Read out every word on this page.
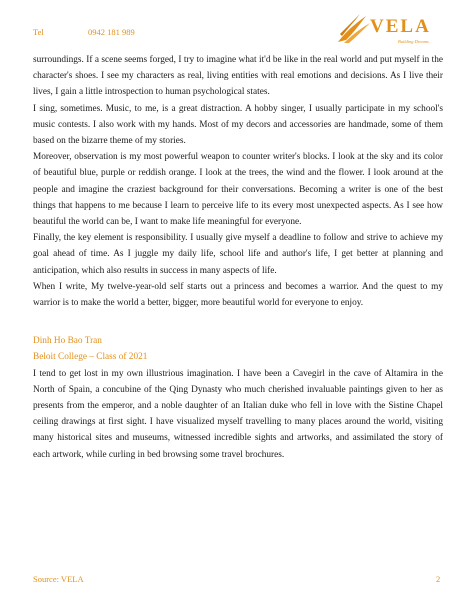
Tel	0942 181 989	VELA
Building Dreams

surroundings. If a scene seems forged, I try to imagine what it'd be like in the real world and put myself in the character's shoes. I see my characters as real, living entities with real emotions and decisions. As I live their lives, I gain a little introspection to human psychological states.

I sing, sometimes. Music, to me, is a great distraction. A hobby singer, I usually participate in my school's music contests. I also work with my hands. Most of my decors and accessories are handmade, some of them based on the bizarre theme of my stories.

Moreover, observation is my most powerful weapon to counter writer's blocks. I look at the sky and its color of beautiful blue, purple or reddish orange. I look at the trees, the wind and the flower. I look around at the people and imagine the craziest background for their conversations. Becoming a writer is one of the best things that happens to me because I learn to perceive life to its every most unexpected aspects. As I see how beautiful the world can be, I want to make life meaningful for everyone.

Finally, the key element is responsibility. I usually give myself a deadline to follow and strive to achieve my goal ahead of time. As I juggle my daily life, school life and author's life, I get better at planning and anticipation, which also results in success in many aspects of life.

When I write, My twelve-year-old self starts out a princess and becomes a warrior. And the quest to my warrior is to make the world a better, bigger, more beautiful world for everyone to enjoy.

Dinh Ho Bao Tran

Beloit College – Class of 2021

I tend to get lost in my own illustrious imagination. I have been a Cavegirl in the cave of Altamira in the North of Spain, a concubine of the Qing Dynasty who much cherished invaluable paintings given to her as presents from the emperor, and a noble daughter of an Italian duke who fell in love with the Sistine Chapel ceiling drawings at first sight. I have visualized myself travelling to many places around the world, visiting many historical sites and museums, witnessed incredible sights and artworks, and assimilated the story of each artwork, while curling in bed browsing some travel brochures.

Source: VELA	2
